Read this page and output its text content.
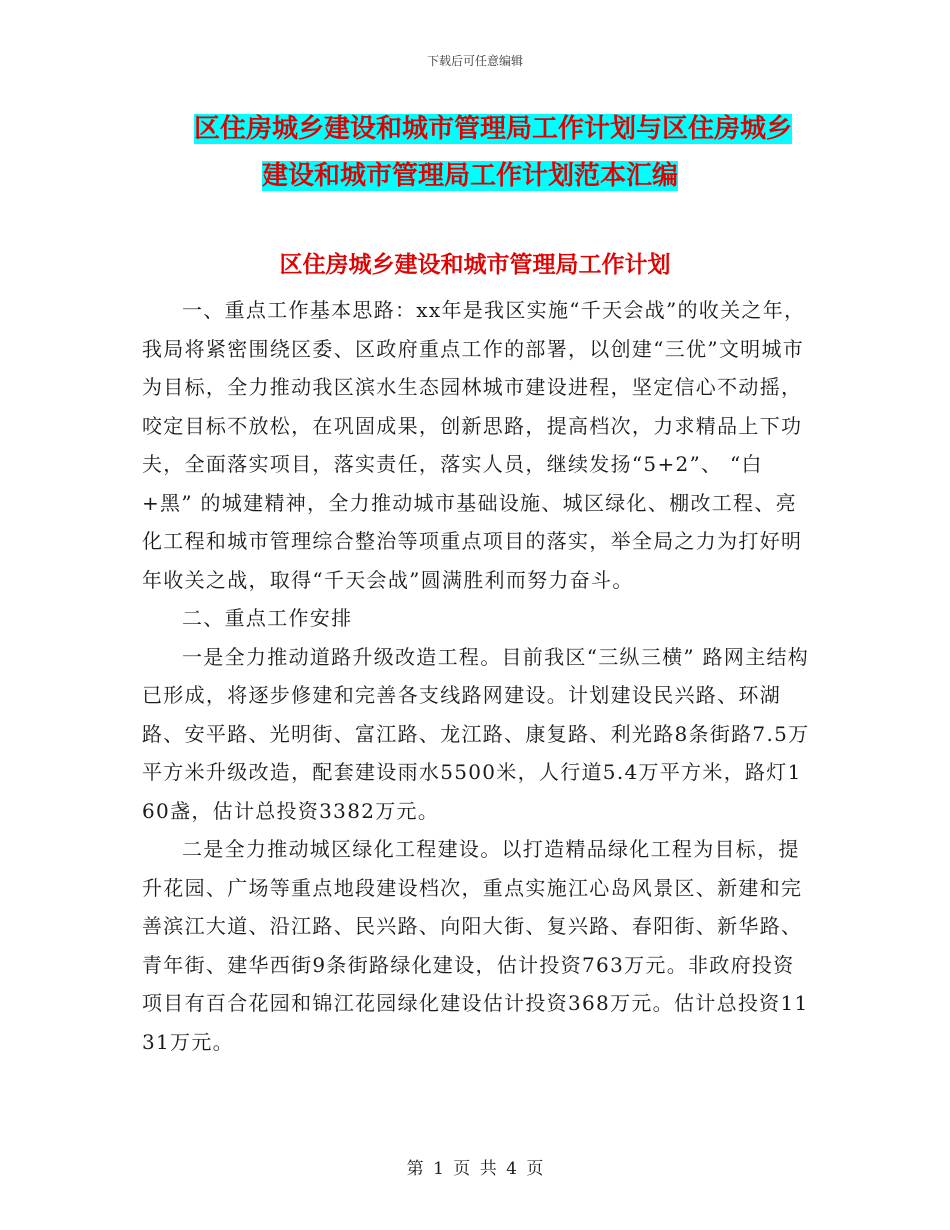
下载后可任意编辑
区住房城乡建设和城市管理局工作计划与区住房城乡
建设和城市管理局工作计划范本汇编
区住房城乡建设和城市管理局工作计划

一、重点工作基本思路：xx年是我区实施“千天会战”的收关之年，我局将紧密围绕区委、区政府重点工作的部署，以创建“三优”文明城市为目标，全力推动我区滨水生态园林城市建设进程，坚定信心不动摇，咬定目标不放松，在巩固成果，创新思路，提高档次，力求精品上下功夫，全面落实项目，落实责任，落实人员，继续发扬“5+2”、 “白+黑” 的城建精神，全力推动城市基础设施、城区绿化、棚改工程、亮化工程和城市管理综合整治等项重点项目的落实，举全局之力为打好明年收关之战，取得“千天会战”圆满胜利而努力奋斗。

二、重点工作安排

一是全力推动道路升级改造工程。目前我区“三纵三横” 路网主结构已形成，将逐步修建和完善各支线路网建设。计划建设民兴路、环湖路、安平路、光明街、富江路、龙江路、康复路、利光路8条街路7.5万平方米升级改造，配套建设雨水5500米，人行道5.4万平方米，路灯160盏，估计总投资3382万元。

二是全力推动城区绿化工程建设。以打造精品绿化工程为目标，提升花园、广场等重点地段建设档次，重点实施江心岛风景区、新建和完善滨江大道、沿江路、民兴路、向阳大街、复兴路、春阳街、新华路、青年街、建华西街9条街路绿化建设，估计投资763万元。非政府投资项目有百合花园和锦江花园绿化建设估计投资368万元。估计总投资1131万元。

第 1 页 共 4 页
